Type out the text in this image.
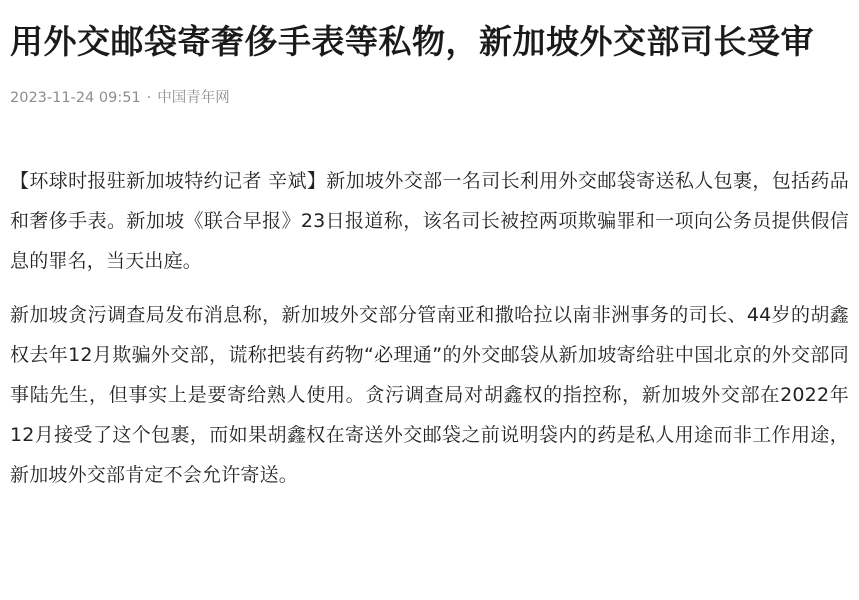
用外交邮袋寄奢侈手表等私物，新加坡外交部司长受审
2023-11-24 09:51 · 中国青年网

【环球时报驻新加坡特约记者 辛斌】新加坡外交部一名司长利用外交邮袋寄送私人包裹，包括药品和奢侈手表。新加坡《联合早报》23日报道称，该名司长被控两项欺骗罪和一项向公务员提供假信息的罪名，当天出庭。

新加坡贪污调查局发布消息称，新加坡外交部分管南亚和撒哈拉以南非洲事务的司长、44岁的胡鑫权去年12月欺骗外交部，谎称把装有药物“必理通”的外交邮袋从新加坡寄给驻中国北京的外交部同事陆先生，但事实上是要寄给熟人使用。贪污调查局对胡鑫权的指控称，新加坡外交部在2022年12月接受了这个包裹，而如果胡鑫权在寄送外交邮袋之前说明袋内的药是私人用途而非工作用途，新加坡外交部肯定不会允许寄送。
